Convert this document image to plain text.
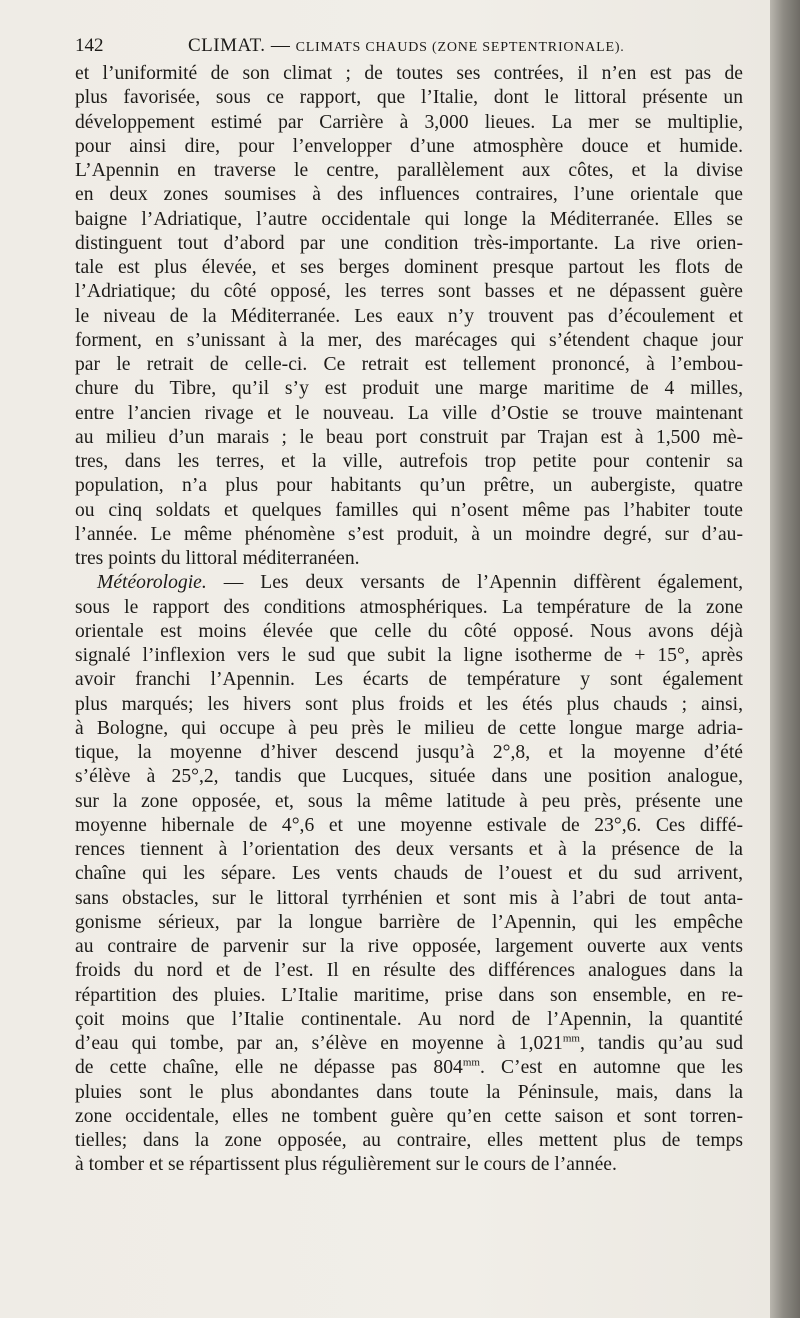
142	CLIMAT. — CLIMATS CHAUDS (ZONE SEPTENTRIONALE).
et l’uniformité de son climat ; de toutes ses contrées, il n’en est pas de
plus favorisée, sous ce rapport, que l’Italie, dont le littoral présente un
développement estimé par Carrière à 3,000 lieues. La mer se multiplie,
pour ainsi dire, pour l’envelopper d’une atmosphère douce et humide.
L’Apennin en traverse le centre, parallèlement aux côtes, et la divise
en deux zones soumises à des influences contraires, l’une orientale que
baigne l’Adriatique, l’autre occidentale qui longe la Méditerranée. Elles se
distinguent tout d’abord par une condition très-importante. La rive orien-
tale est plus élevée, et ses berges dominent presque partout les flots de
l’Adriatique; du côté opposé, les terres sont basses et ne dépassent guère
le niveau de la Méditerranée. Les eaux n’y trouvent pas d’écoulement et
forment, en s’unissant à la mer, des marécages qui s’étendent chaque jour
par le retrait de celle-ci. Ce retrait est tellement prononcé, à l’embou-
chure du Tibre, qu’il s’y est produit une marge maritime de 4 milles,
entre l’ancien rivage et le nouveau. La ville d’Ostie se trouve maintenant
au milieu d’un marais ; le beau port construit par Trajan est à 1,500 mè-
tres, dans les terres, et la ville, autrefois trop petite pour contenir sa
population, n’a plus pour habitants qu’un prêtre, un aubergiste, quatre
ou cinq soldats et quelques familles qui n’osent même pas l’habiter toute
l’année. Le même phénomène s’est produit, à un moindre degré, sur d’au-
tres points du littoral méditerranéen.
Météorologie. — Les deux versants de l’Apennin diffèrent également,
sous le rapport des conditions atmosphériques. La température de la zone
orientale est moins élevée que celle du côté opposé. Nous avons déjà
signalé l’inflexion vers le sud que subit la ligne isotherme de + 15°, après
avoir franchi l’Apennin. Les écarts de température y sont également
plus marqués; les hivers sont plus froids et les étés plus chauds ; ainsi,
à Bologne, qui occupe à peu près le milieu de cette longue marge adria-
tique, la moyenne d’hiver descend jusqu’à 2°,8, et la moyenne d’été
s’élève à 25°,2, tandis que Lucques, située dans une position analogue,
sur la zone opposée, et, sous la même latitude à peu près, présente une
moyenne hibernale de 4°,6 et une moyenne estivale de 23°,6. Ces diffé-
rences tiennent à l’orientation des deux versants et à la présence de la
chaîne qui les sépare. Les vents chauds de l’ouest et du sud arrivent,
sans obstacles, sur le littoral tyrrhénien et sont mis à l’abri de tout anta-
gonisme sérieux, par la longue barrière de l’Apennin, qui les empêche
au contraire de parvenir sur la rive opposée, largement ouverte aux vents
froids du nord et de l’est. Il en résulte des différences analogues dans la
répartition des pluies. L’Italie maritime, prise dans son ensemble, en re-
çoit moins que l’Italie continentale. Au nord de l’Apennin, la quantité
d’eau qui tombe, par an, s’élève en moyenne à $1,021^{mm}$, tandis qu’au sud
de cette chaîne, elle ne dépasse pas $804^{mm}$. C’est en automne que les
pluies sont le plus abondantes dans toute la Péninsule, mais, dans la
zone occidentale, elles ne tombent guère qu’en cette saison et sont torren-
tielles; dans la zone opposée, au contraire, elles mettent plus de temps
à tomber et se répartissent plus régulièrement sur le cours de l’année.
